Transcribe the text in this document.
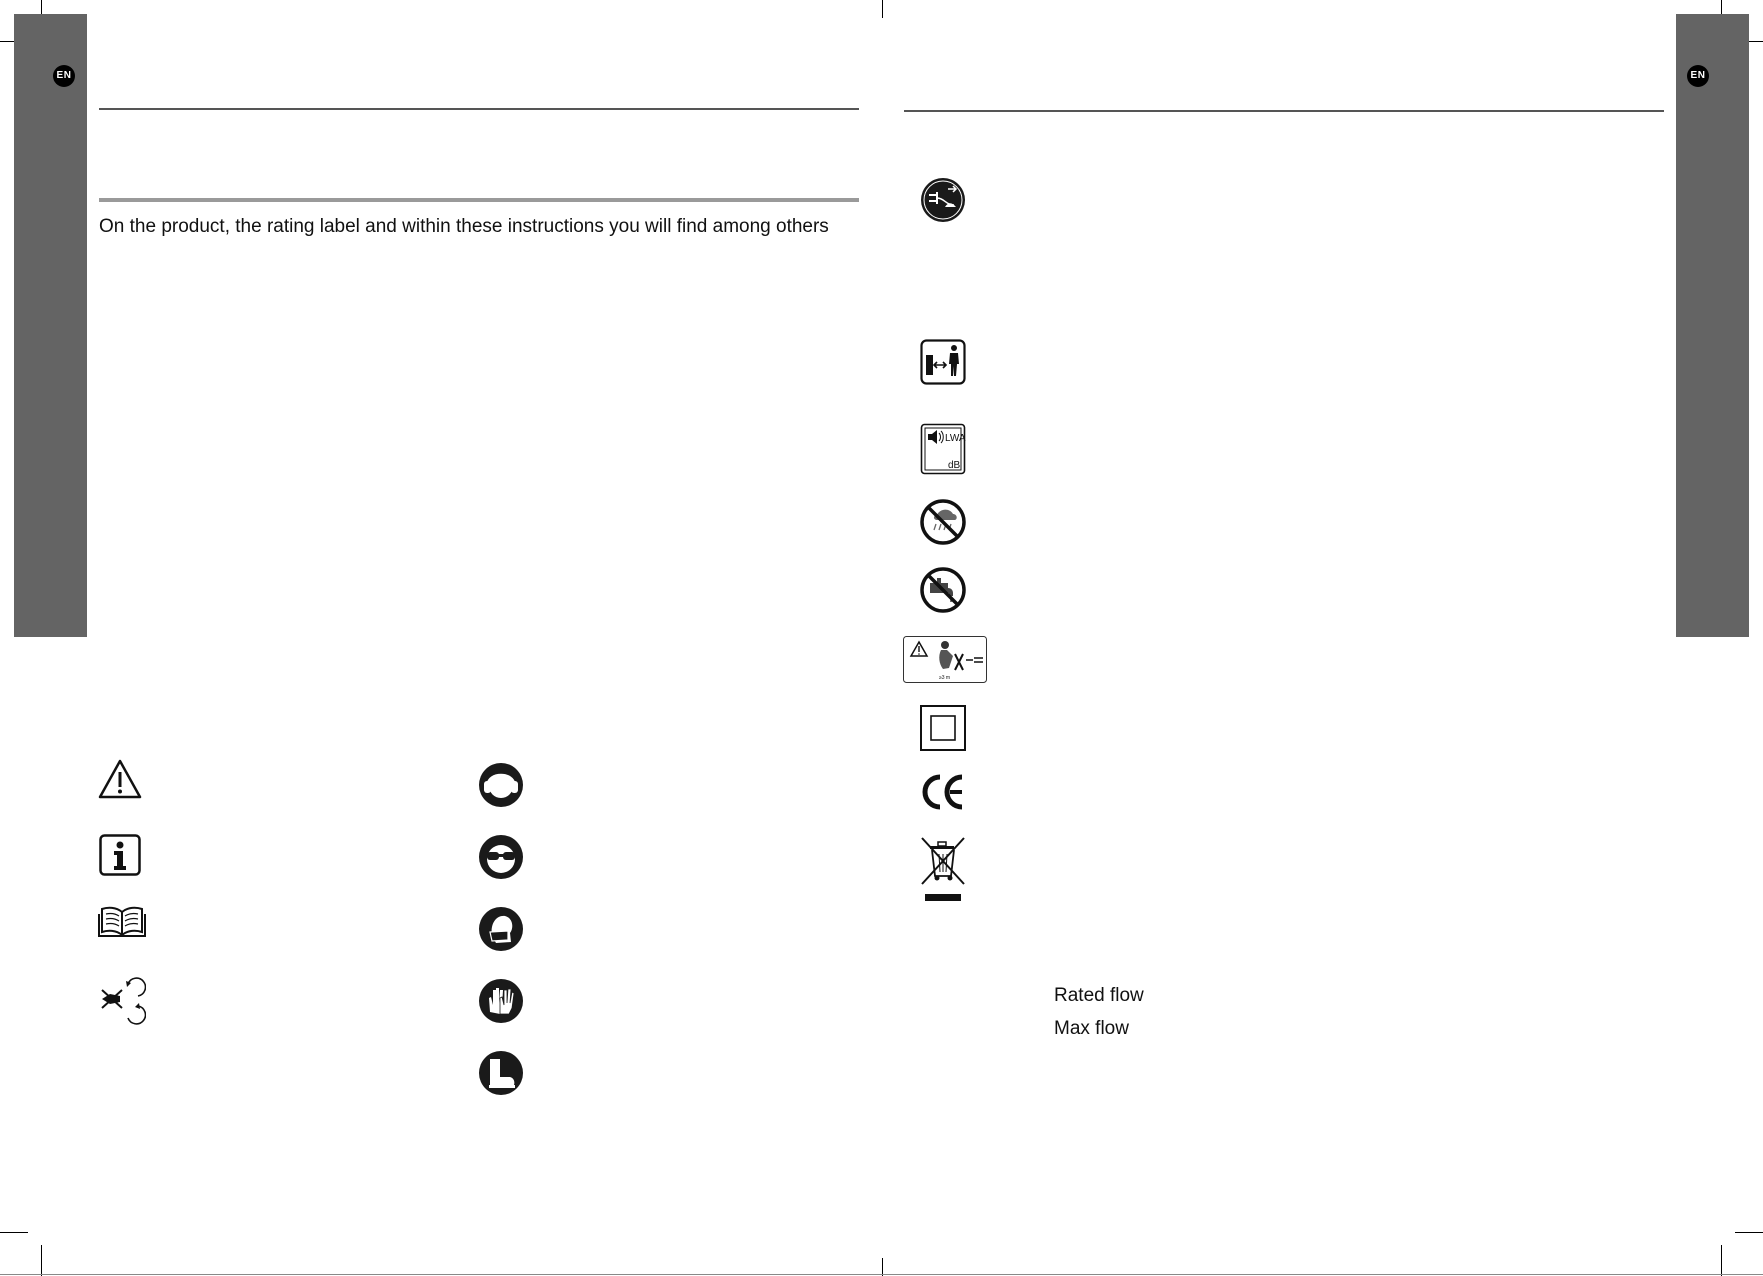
EN
On the product, the rating label and within these instructions you will find among others
EN
LWA
dB
≥3 m
Rated flow
Max flow
